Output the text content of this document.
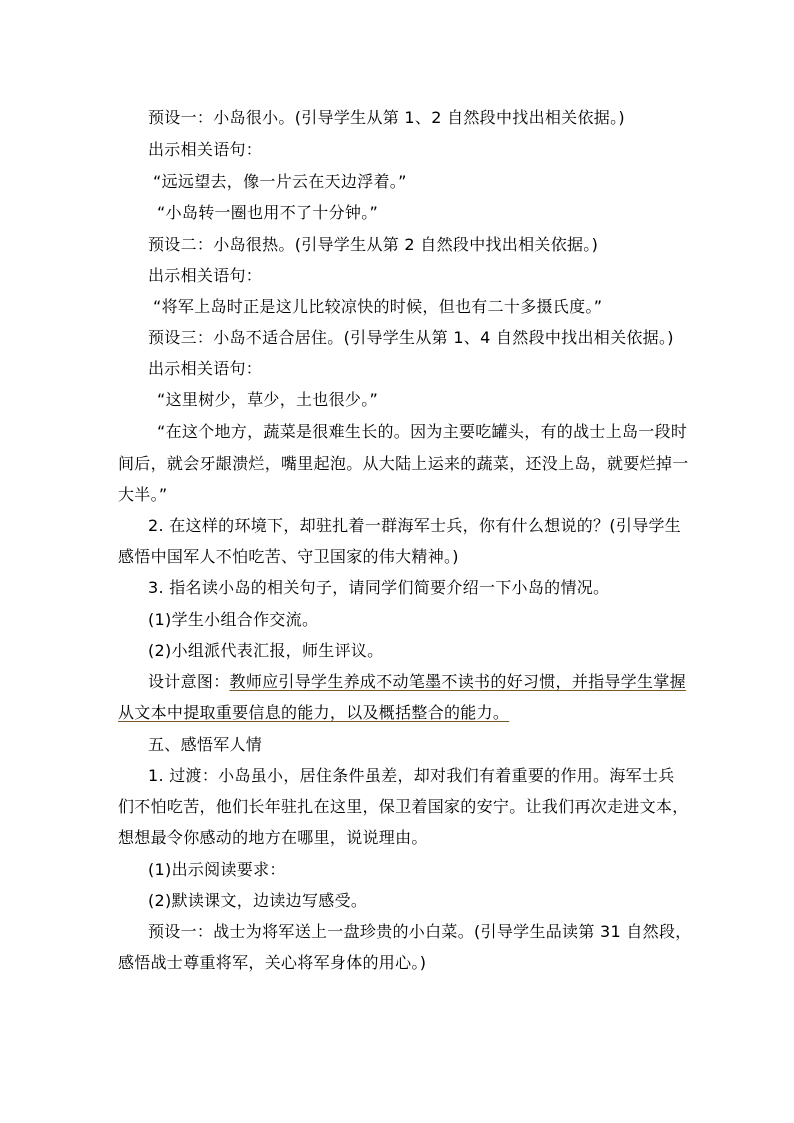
预设一：小岛很小。(引导学生从第 1、2 自然段中找出相关依据。)
出示相关语句：
“远远望去，像一片云在天边浮着。”
“小岛转一圈也用不了十分钟。”
预设二：小岛很热。(引导学生从第 2 自然段中找出相关依据。)
出示相关语句：
“将军上岛时正是这儿比较凉快的时候，但也有二十多摄氏度。”
预设三：小岛不适合居住。(引导学生从第 1、4 自然段中找出相关依据。)
出示相关语句：
“这里树少，草少，土也很少。”
“在这个地方，蔬菜是很难生长的。因为主要吃罐头，有的战士上岛一段时
间后，就会牙龈溃烂，嘴里起泡。从大陆上运来的蔬菜，还没上岛，就要烂掉一
大半。”
2. 在这样的环境下，却驻扎着一群海军士兵，你有什么想说的？(引导学生
感悟中国军人不怕吃苦、守卫国家的伟大精神。)
3. 指名读小岛的相关句子，请同学们简要介绍一下小岛的情况。
(1)学生小组合作交流。
(2)小组派代表汇报，师生评议。
设计意图：教师应引导学生养成不动笔墨不读书的好习惯，并指导学生掌握
从文本中提取重要信息的能力，以及概括整合的能力。
五、感悟军人情
1. 过渡：小岛虽小，居住条件虽差，却对我们有着重要的作用。海军士兵
们不怕吃苦，他们长年驻扎在这里，保卫着国家的安宁。让我们再次走进文本，
想想最令你感动的地方在哪里，说说理由。
(1)出示阅读要求：
(2)默读课文，边读边写感受。
预设一：战士为将军送上一盘珍贵的小白菜。(引导学生品读第 31 自然段，
感悟战士尊重将军，关心将军身体的用心。)
